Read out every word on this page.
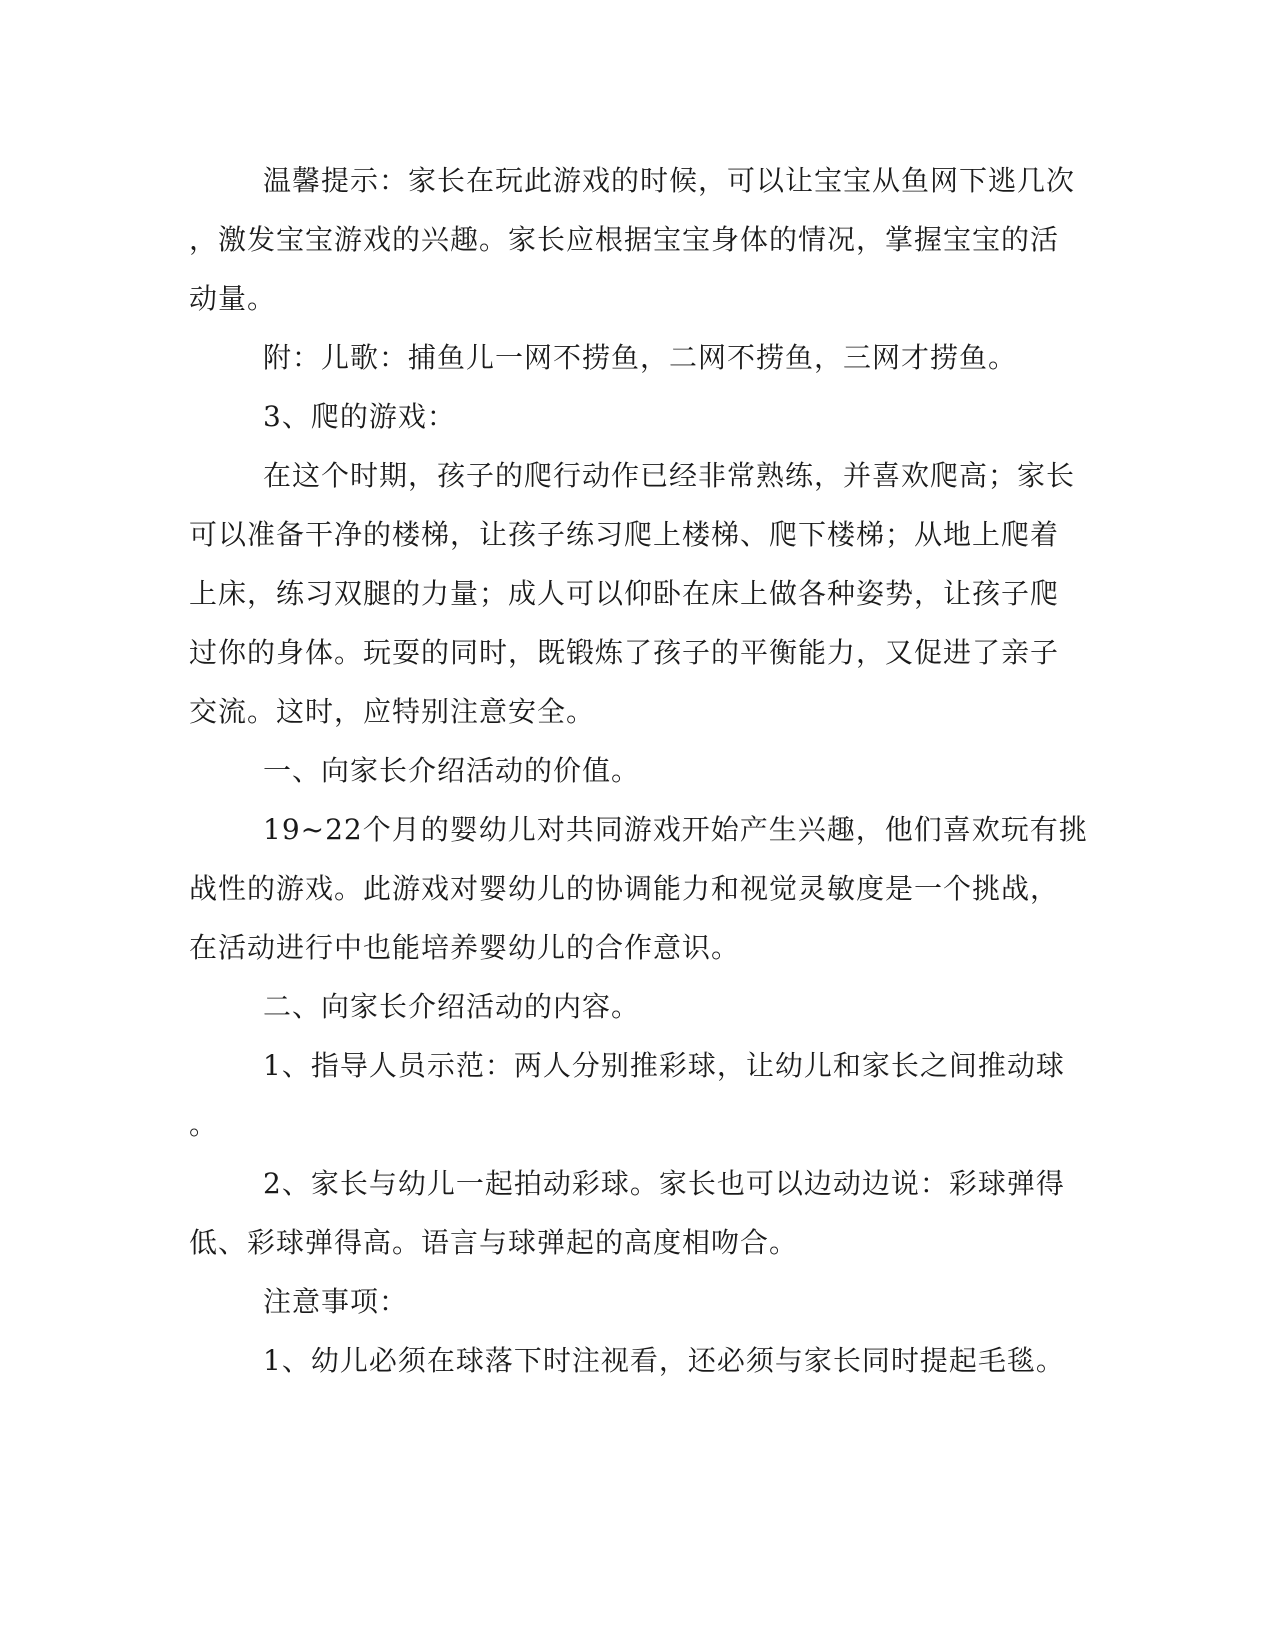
温馨提示：家长在玩此游戏的时候，可以让宝宝从鱼网下逃几次
，激发宝宝游戏的兴趣。家长应根据宝宝身体的情况，掌握宝宝的活
动量。
附：儿歌：捕鱼儿一网不捞鱼，二网不捞鱼，三网才捞鱼。
3、爬的游戏：
在这个时期，孩子的爬行动作已经非常熟练，并喜欢爬高；家长
可以准备干净的楼梯，让孩子练习爬上楼梯、爬下楼梯；从地上爬着
上床，练习双腿的力量；成人可以仰卧在床上做各种姿势，让孩子爬
过你的身体。玩耍的同时，既锻炼了孩子的平衡能力，又促进了亲子
交流。这时，应特别注意安全。
一、向家长介绍活动的价值。
19~22个月的婴幼儿对共同游戏开始产生兴趣，他们喜欢玩有挑
战性的游戏。此游戏对婴幼儿的协调能力和视觉灵敏度是一个挑战，
在活动进行中也能培养婴幼儿的合作意识。
二、向家长介绍活动的内容。
1、指导人员示范：两人分别推彩球，让幼儿和家长之间推动球
。
2、家长与幼儿一起拍动彩球。家长也可以边动边说：彩球弹得
低、彩球弹得高。语言与球弹起的高度相吻合。
注意事项：
1、幼儿必须在球落下时注视看，还必须与家长同时提起毛毯。
